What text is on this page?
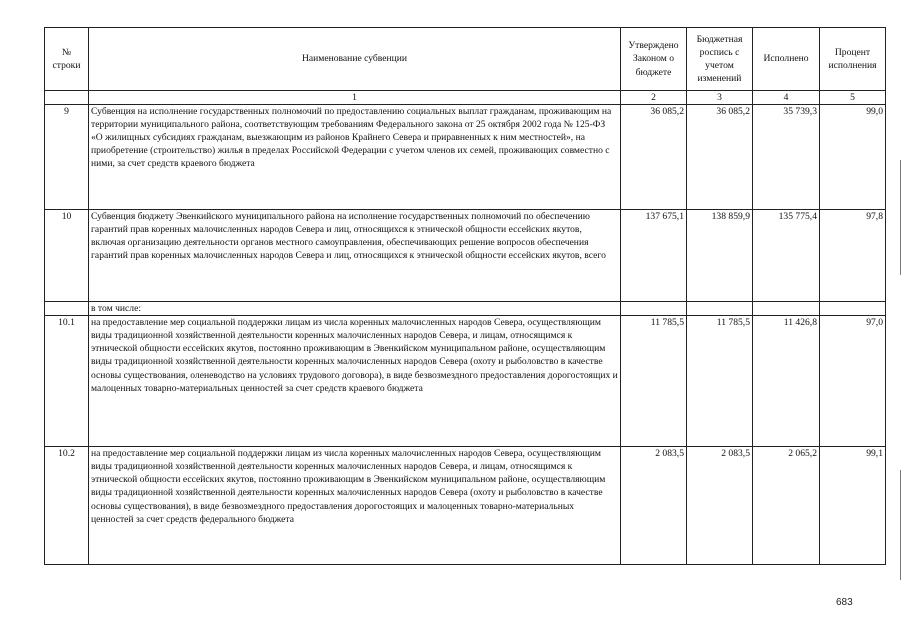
№ строки	Наименование субвенции	Утверждено Законом о бюджете	Бюджетная роспись с учетом изменений	Исполнено	Процент исполнения
	1	2	3	4	5
9	Субвенция на исполнение государственных полномочий по предоставлению социальных выплат гражданам, проживающим на территории муниципального района, соответствующим требованиям Федерального закона от 25 октября 2002 года № 125-ФЗ «О жилищных субсидиях гражданам, выезжающим из районов Крайнего Севера и приравненных к ним местностей», на приобретение (строительство) жилья в пределах Российской Федерации с учетом членов их семей, проживающих совместно с ними, за счет средств краевого бюджета	36 085,2	36 085,2	35 739,3	99,0
10	Субвенция бюджету Эвенкийского муниципального района на исполнение государственных полномочий по обеспечению гарантий прав коренных малочисленных народов Севера и лиц, относящихся к этнической общности ессейских якутов, включая организацию деятельности органов местного самоуправления, обеспечивающих решение вопросов обеспечения гарантий прав коренных малочисленных народов Севера и лиц, относящихся к этнической общности ессейских якутов, всего	137 675,1	138 859,9	135 775,4	97,8
	в том числе:				
10.1	на предоставление мер социальной поддержки лицам из числа коренных малочисленных народов Севера, осуществляющим виды традиционной хозяйственной деятельности коренных малочисленных народов Севера, и лицам, относящимся к этнической общности ессейских якутов, постоянно проживающим в Эвенкийском муниципальном районе, осуществляющим виды традиционной хозяйственной деятельности коренных малочисленных народов Севера (охоту и рыболовство в качестве основы существования, оленеводство на условиях трудового договора), в виде безвозмездного предоставления дорогостоящих и малоценных товарно-материальных ценностей за счет средств краевого бюджета	11 785,5	11 785,5	11 426,8	97,0
10.2	на предоставление мер социальной поддержки лицам из числа коренных малочисленных народов Севера, осуществляющим виды традиционной хозяйственной деятельности коренных малочисленных народов Севера, и лицам, относящимся к этнической общности ессейских якутов, постоянно проживающим в Эвенкийском муниципальном районе, осуществляющим виды традиционной хозяйственной деятельности коренных малочисленных народов Севера (охоту и рыболовство в качестве основы существования), в виде безвозмездного предоставления дорогостоящих и малоценных товарно-материальных ценностей за счет средств федерального бюджета	2 083,5	2 083,5	2 065,2	99,1
683
